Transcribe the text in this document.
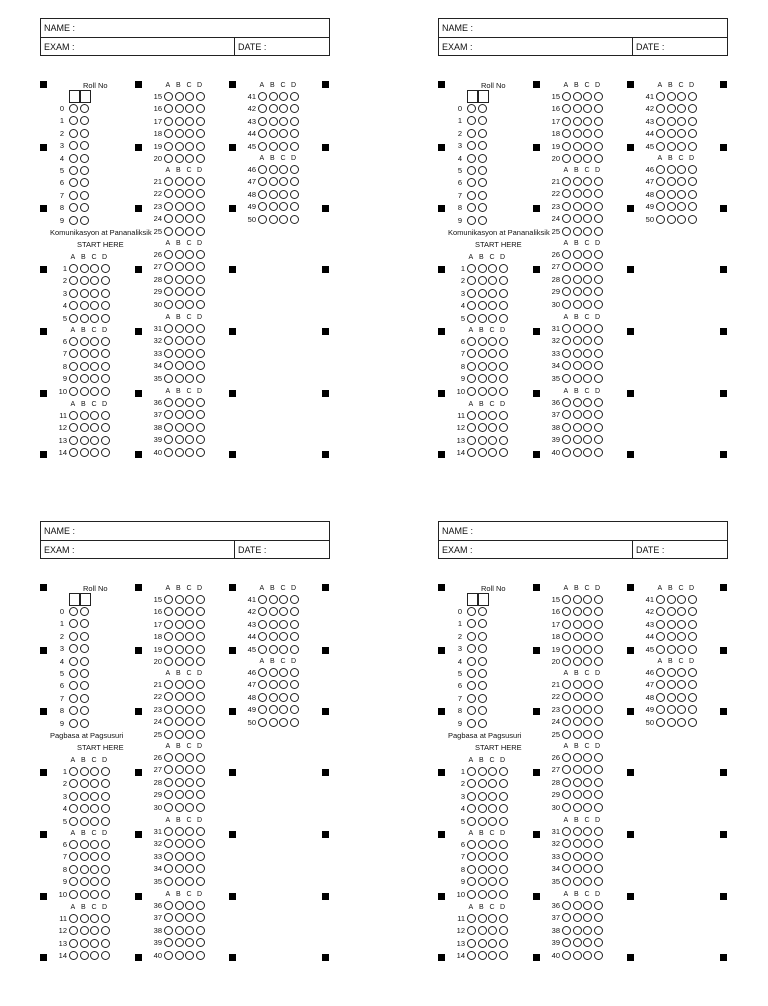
NAME :
EXAM :	DATE :
Roll No
0
1
2
3
4
5
6
7
8
9
Komunikasyon at Pananaliksik
START HERE
A B C D
1
2
3
4
5
A B C D
6
7
8
9
10
A B C D
11
12
13
14
A B C D
15
16
17
18
19
20
A B C D
21
22
23
24
25
A B C D
26
27
28
29
30
A B C D
31
32
33
34
35
A B C D
36
37
38
39
40
A B C D
41
42
43
44
45
A B C D
46
47
48
49
50
NAME :
EXAM :	DATE :
Roll No
0
1
2
3
4
5
6
7
8
9
Komunikasyon at Pananaliksik
START HERE
A B C D
1
2
3
4
5
A B C D
6
7
8
9
10
A B C D
11
12
13
14
A B C D
15
16
17
18
19
20
A B C D
21
22
23
24
25
A B C D
26
27
28
29
30
A B C D
31
32
33
34
35
A B C D
36
37
38
39
40
A B C D
41
42
43
44
45
A B C D
46
47
48
49
50
NAME :
EXAM :	DATE :
Roll No
0
1
2
3
4
5
6
7
8
9
Pagbasa at Pagsusuri
START HERE
A B C D
1
2
3
4
5
A B C D
6
7
8
9
10
A B C D
11
12
13
14
A B C D
15
16
17
18
19
20
A B C D
21
22
23
24
25
A B C D
26
27
28
29
30
A B C D
31
32
33
34
35
A B C D
36
37
38
39
40
A B C D
41
42
43
44
45
A B C D
46
47
48
49
50
NAME :
EXAM :	DATE :
Roll No
0
1
2
3
4
5
6
7
8
9
Pagbasa at Pagsusuri
START HERE
A B C D
1
2
3
4
5
A B C D
6
7
8
9
10
A B C D
11
12
13
14
A B C D
15
16
17
18
19
20
A B C D
21
22
23
24
25
A B C D
26
27
28
29
30
A B C D
31
32
33
34
35
A B C D
36
37
38
39
40
A B C D
41
42
43
44
45
A B C D
46
47
48
49
50
